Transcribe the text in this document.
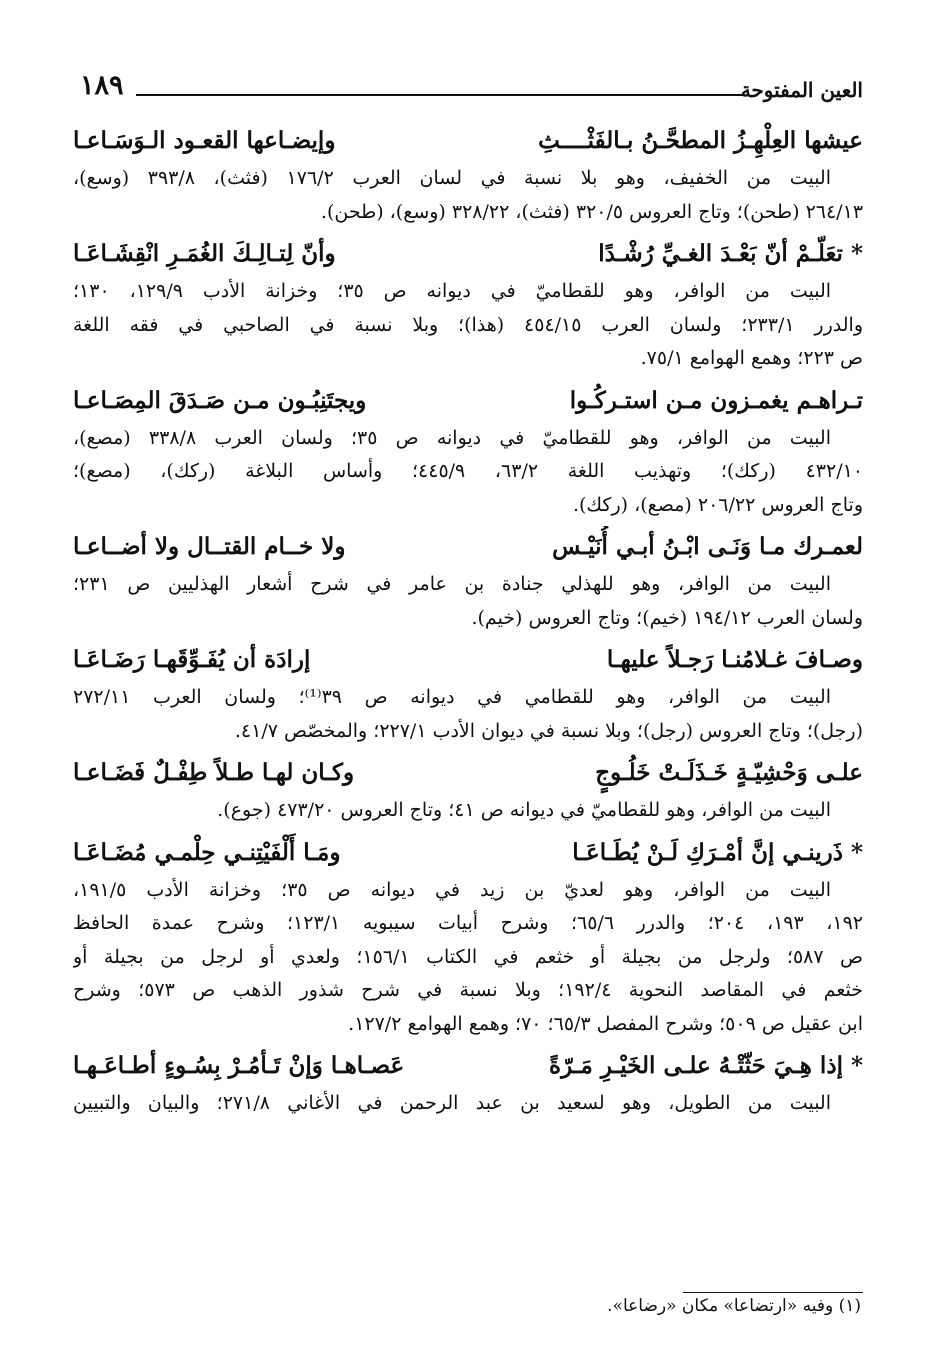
العين المفتوحة
١٨٩
عيشها العِلْهِـزُ المطحَّـنُ بـالفَثْــــثِ
وإيضـاعها القعـود الـوَسَـاعـا
البيت من الخفيف، وهو بلا نسبة في لسان العرب ١٧٦/٢ (فثث)، ٣٩٣/٨ (وسع)،
٢٦٤/١٣ (طحن)؛ وتاج العروس ٣٢٠/٥ (فثث)، ٣٢٨/٢٢ (وسع)، (طحن).
* تعَلّـمْ أنّ بَعْـدَ الغـيِّ رُشْـدًا
وأنّ لِتـالِـكَ الغُمَـرِ انْقِشَـاعَـا
البيت من الوافر، وهو للقطاميّ في ديوانه ص ٣٥؛ وخزانة الأدب ١٢٩/٩، ١٣٠؛
والدرر ٢٣٣/١؛ ولسان العرب ٤٥٤/١٥ (هذا)؛ وبلا نسبة في الصاحبي في فقه اللغة
ص ٢٢٣؛ وهمع الهوامع ٧٥/١.
تـراهـم يغمـزون مـن استـركُـوا
ويجتَنِبُـون مـن صَـدَقَ المِصَـاعـا
البيت من الوافر، وهو للقطاميّ في ديوانه ص ٣٥؛ ولسان العرب ٣٣٨/٨ (مصع)،
٤٣٢/١٠ (ركك)؛ وتهذيب اللغة ٦٣/٢، ٤٤٥/٩؛ وأساس البلاغة (ركك)، (مصع)؛
وتاج العروس ٢٠٦/٢٢ (مصع)، (ركك).
لعمـرك مـا وَنَـى ابْـنُ أبـي أُنَيْـس
ولا خــام القتــال ولا أضــاعـا
البيت من الوافر، وهو للهذلي جنادة بن عامر في شرح أشعار الهذليين ص ٢٣١؛
ولسان العرب ١٩٤/١٢ (خيم)؛ وتاج العروس (خيم).
وصـافَ غـلامُنـا رَجـلاً عليهـا
إرادَة أن يُفَـوِّقَهـا رَضَـاعَـا
البيت من الوافر، وهو للقطامي في ديوانه ص ٣٩⁽¹⁾؛ ولسان العرب ٢٧٢/١١
(رجل)؛ وتاج العروس (رجل)؛ وبلا نسبة في ديوان الأدب ٢٢٧/١؛ والمخصّص ٤١/٧.
علـى وَحْشِيّـةٍ خَـذَلَـتْ خَلُـوجٍ
وكـان لهـا طـلاً طِفْـلٌ فَضَـاعـا
البيت من الوافر، وهو للقطاميّ في ديوانه ص ٤١؛ وتاج العروس ٤٧٣/٢٠ (جوع).
* ذَرينـي إنَّ أمْـرَكِ لَـنْ يُطَـاعَـا
ومَـا أَلْفَيْتِنـي حِلْمـي مُضَـاعَـا
البيت من الوافر، وهو لعديّ بن زيد في ديوانه ص ٣٥؛ وخزانة الأدب ١٩١/٥،
١٩٢، ١٩٣، ٢٠٤؛ والدرر ٦٥/٦؛ وشرح أبيات سيبويه ١٢٣/١؛ وشرح عمدة الحافظ
ص ٥٨٧؛ ولرجل من بجيلة أو خثعم في الكتاب ١٥٦/١؛ ولعدي أو لرجل من بجيلة أو
خثعم في المقاصد النحوية ١٩٢/٤؛ وبلا نسبة في شرح شذور الذهب ص ٥٧٣؛ وشرح
ابن عقيل ص ٥٠٩؛ وشرح المفصل ٦٥/٣؛ ٧٠؛ وهمع الهوامع ١٢٧/٢.
* إذا هِـيَ حَثّتْـهُ علـى الخَيْـرِ مَـرّةً
عَصـاهـا وَإنْ تَـأمُـرْ بِسُـوءٍ أطـاعَـهـا
البيت من الطويل، وهو لسعيد بن عبد الرحمن في الأغاني ٢٧١/٨؛ والبيان والتبيين
(١) وفيه «ارتضاعا» مكان «رضاعا».
